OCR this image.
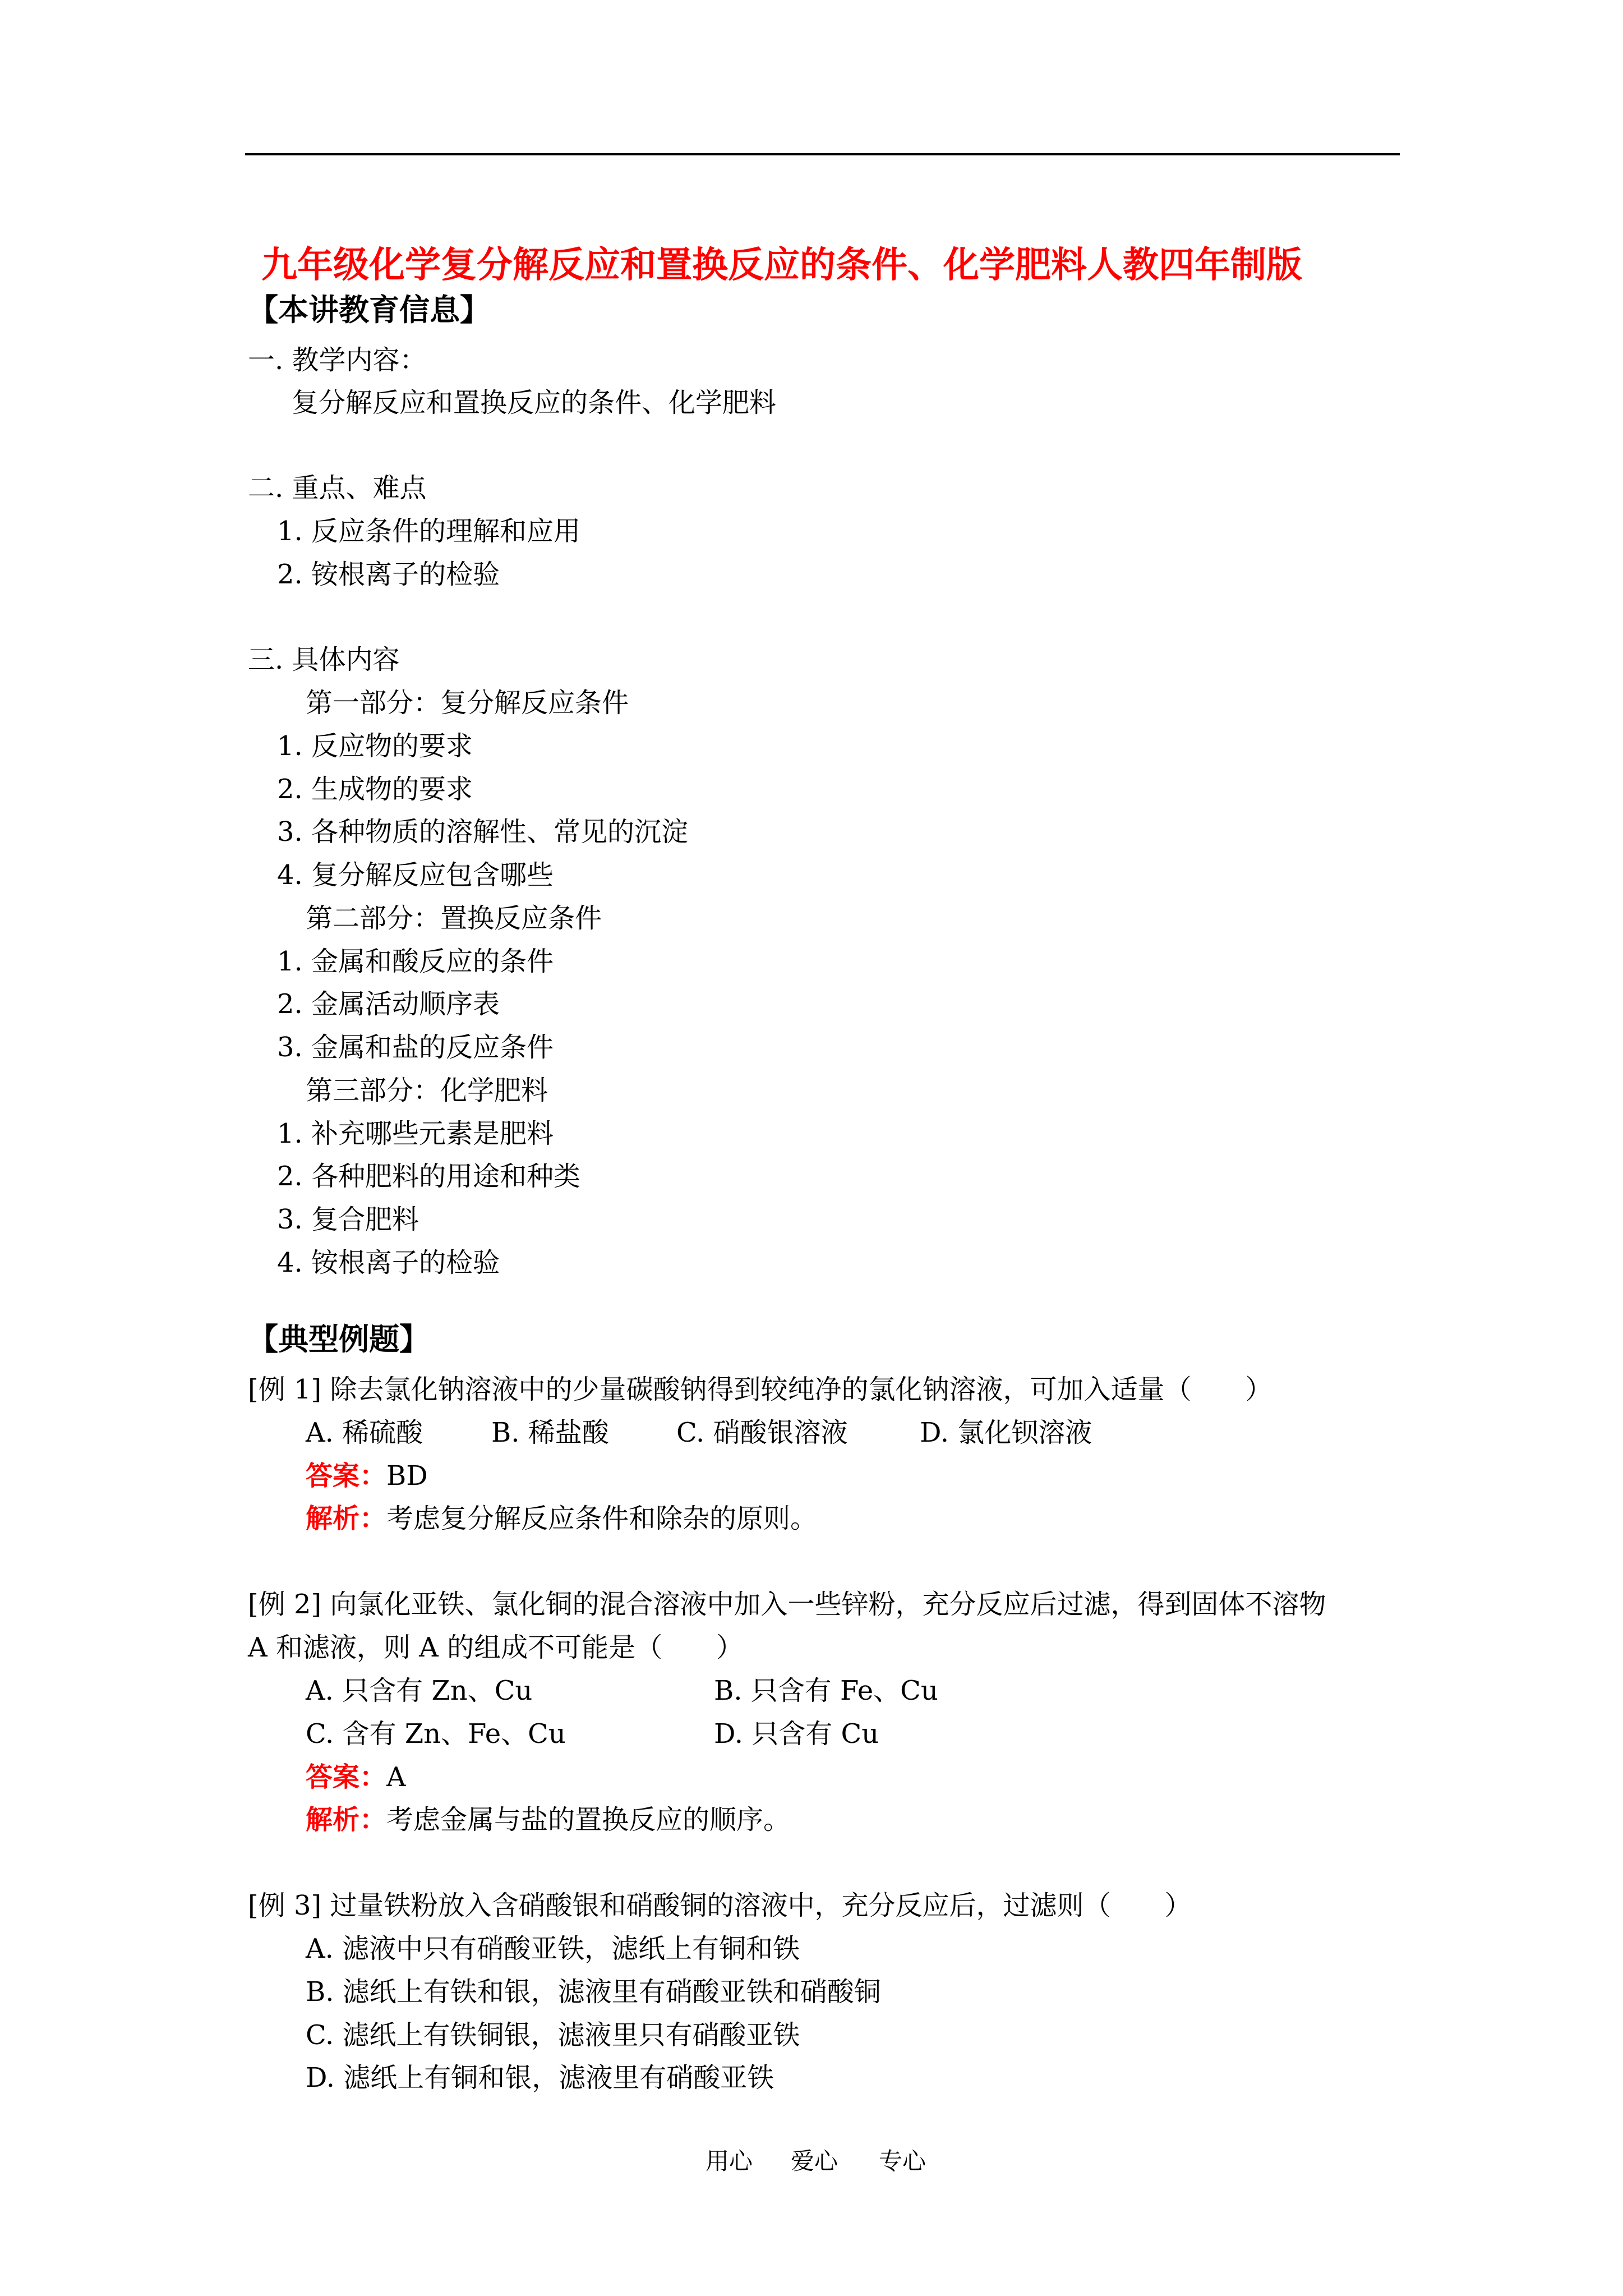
九年级化学复分解反应和置换反应的条件、化学肥料人教四年制版
【本讲教育信息】
一. 教学内容：
复分解反应和置换反应的条件、化学肥料
二. 重点、难点
1. 反应条件的理解和应用
2. 铵根离子的检验
三. 具体内容
第一部分：复分解反应条件
1. 反应物的要求
2. 生成物的要求
3. 各种物质的溶解性、常见的沉淀
4. 复分解反应包含哪些
第二部分：置换反应条件
1. 金属和酸反应的条件
2. 金属活动顺序表
3. 金属和盐的反应条件
第三部分：化学肥料
1. 补充哪些元素是肥料
2. 各种肥料的用途和种类
3. 复合肥料
4. 铵根离子的检验
【典型例题】
[例 1] 除去氯化钠溶液中的少量碳酸钠得到较纯净的氯化钠溶液，可加入适量（　　）
A. 稀硫酸	B. 稀盐酸	C. 硝酸银溶液	D. 氯化钡溶液
答案：BD
解析：考虑复分解反应条件和除杂的原则。
[例 2] 向氯化亚铁、氯化铜的混合溶液中加入一些锌粉，充分反应后过滤，得到固体不溶物
A 和滤液，则 A 的组成不可能是（　　）
A. 只含有 Zn、Cu	B. 只含有 Fe、Cu
C. 含有 Zn、Fe、Cu	D. 只含有 Cu
答案：A
解析：考虑金属与盐的置换反应的顺序。
[例 3] 过量铁粉放入含硝酸银和硝酸铜的溶液中，充分反应后，过滤则（　　）
A. 滤液中只有硝酸亚铁，滤纸上有铜和铁
B. 滤纸上有铁和银，滤液里有硝酸亚铁和硝酸铜
C. 滤纸上有铁铜银，滤液里只有硝酸亚铁
D. 滤纸上有铜和银，滤液里有硝酸亚铁
用心 爱心 专心
